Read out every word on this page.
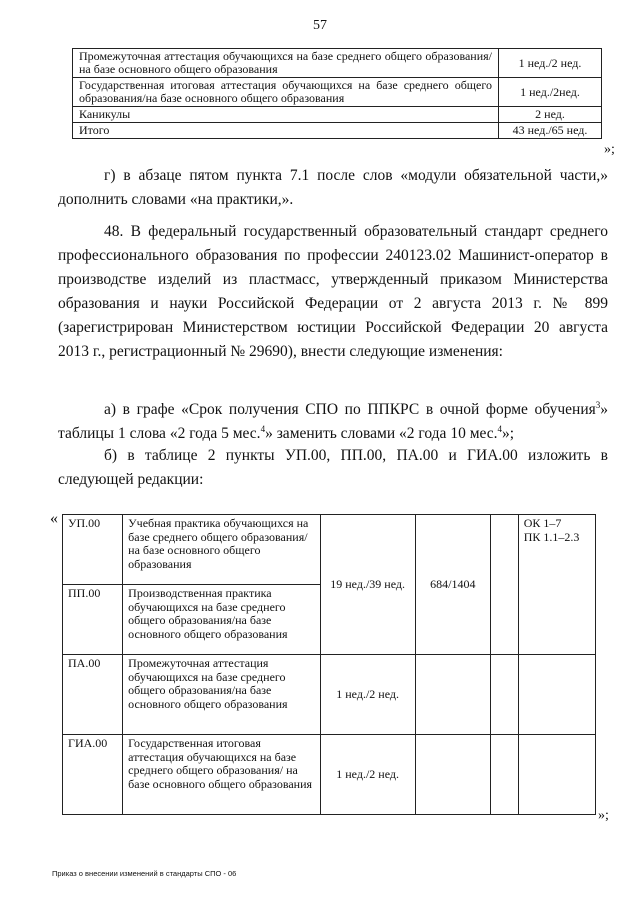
57
Промежуточная аттестация обучающихся на базе среднего общего образования/на базе основного общего образования	1 нед./2 нед.
Государственная итоговая аттестация обучающихся на базе среднего общего образования/на базе основного общего образования	1 нед./2нед.
Каникулы	2 нед.
Итого	43 нед./65 нед.
»;

г) в абзаце пятом пункта 7.1 после слов «модули обязательной части,» дополнить словами «на практики,».

48. В федеральный государственный образовательный стандарт среднего профессионального образования по профессии 240123.02 Машинист-оператор в производстве изделий из пластмасс, утвержденный приказом Министерства образования и науки Российской Федерации от 2 августа 2013 г. № 899 (зарегистрирован Министерством юстиции Российской Федерации 20 августа 2013 г., регистрационный № 29690), внести следующие изменения:

а) в графе «Срок получения СПО по ППКРС в очной форме обучения$^3$» таблицы 1 слова «2 года 5 мес.$^4$» заменить словами «2 года 10 мес.$^4$»;

б) в таблице 2 пункты УП.00, ПП.00, ПА.00 и ГИА.00 изложить в следующей редакции:

« УП.00	Учебная практика обучающихся на базе среднего общего образования/на базе основного общего образования	19 нед./39 нед.	684/1404		ОК 1–7
ПК 1.1–2.3

ПП.00	Производственная практика обучающихся на базе среднего общего образования/на базе основного общего образования				
ПА.00	Промежуточная аттестация обучающихся на базе среднего общего образования/на базе основного общего образования	1 нед./2 нед.			
ГИА.00	Государственная итоговая аттестация обучающихся на базе среднего общего образования/ на базе основного общего образования	1 нед./2 нед.			
»;
Приказ о внесении изменений в стандарты СПО - 06
